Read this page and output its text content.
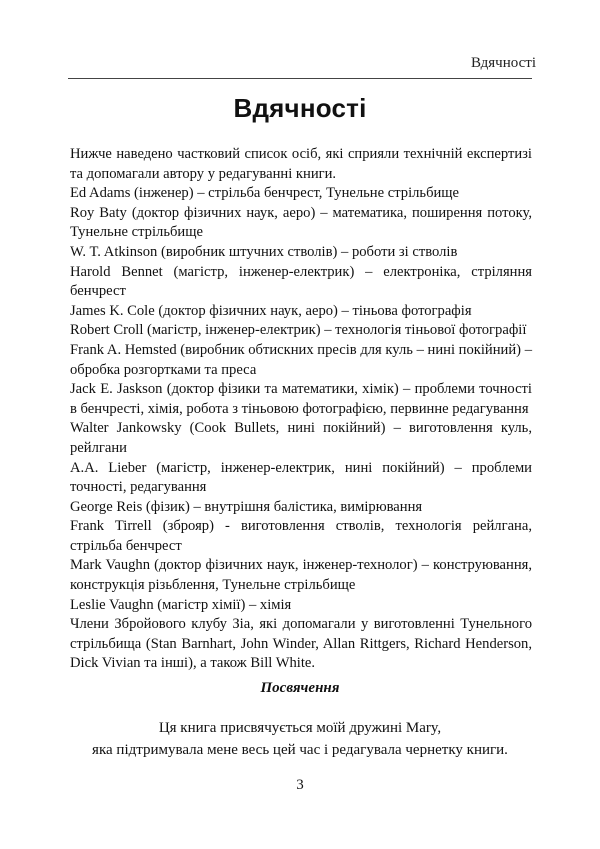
Вдячності
Вдячності

Нижче наведено частковий список осіб, які сприяли технічній експертизі та допомагали автору у редагуванні книги.

Ed Adams (інженер) – стрільба бенчрест, Тунельне стрільбище

Roy Baty (доктор фізичних наук, аеро) – математика, поширення потоку, Тунельне стрільбище

W. T. Atkinson (виробник штучних стволів) – роботи зі стволів

Harold Bennet (магістр, інженер-електрик) – електроніка, стріляння бенчрест

James K. Cole (доктор фізичних наук, аеро) – тіньова фотографія

Robert Croll (магістр, інженер-електрик) – технологія тіньової фотографії

Frank A. Hemsted (виробник обтискних пресів для куль – нині покійний) – обробка розгортками та преса

Jack E. Jaskson (доктор фізики та математики, хімік) – проблеми точності в бенчресті, хімія, робота з тіньовою фотографією, первинне редагування

Walter Jankowsky (Cook Bullets, нині покійний) – виготовлення куль, рейлгани

A.A. Lieber (магістр, інженер-електрик, нині покійний) – проблеми точності, редагування

George Reis (фізик) – внутрішня балістика, вимірювання

Frank Tirrell (зброяр) - виготовлення стволів, технологія рейлгана, стрільба бенчрест

Mark Vaughn (доктор фізичних наук, інженер-технолог) – конструювання, конструкція різьблення, Тунельне стрільбище

Leslie Vaughn (магістр хімії) – хімія

Члени Збройового клубу Зіа, які допомагали у виготовленні Тунельного стрільбища (Stan Barnhart, John Winder, Allan Rittgers, Richard Henderson, Dick Vivian та інші), а також Bill White.

Посвячення

Ця книга присвячується моїй дружині Mary,

яка підтримувала мене весь цей час і редагувала чернетку книги.

3
